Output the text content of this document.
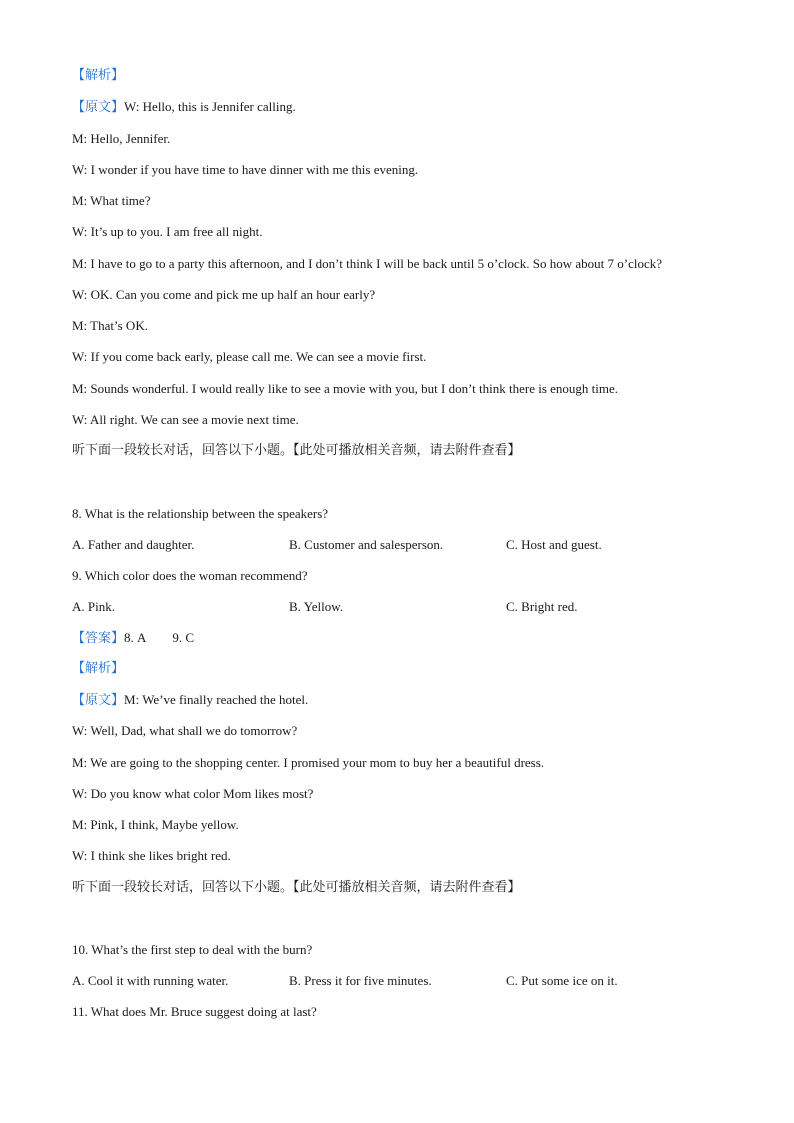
【解析】
【原文】W: Hello, this is Jennifer calling.
M: Hello, Jennifer.
W: I wonder if you have time to have dinner with me this evening.
M: What time?
W: It’s up to you. I am free all night.
M: I have to go to a party this afternoon, and I don’t think I will be back until 5 o’clock. So how about 7 o’clock?
W: OK. Can you come and pick me up half an hour early?
M: That’s OK.
W: If you come back early, please call me. We can see a movie first.
M: Sounds wonderful. I would really like to see a movie with you, but I don’t think there is enough time.
W: All right. We can see a movie next time.
听下面一段较长对话，回答以下小题。【此处可播放相关音频，请去附件查看】
8. What is the relationship between the speakers?
A. Father and daughter.	B. Customer and salesperson.	C. Host and guest.
9. Which color does the woman recommend?
A. Pink.	B. Yellow.	C. Bright red.
【答案】8. A 9. C
【解析】
【原文】M: We’ve finally reached the hotel.
W: Well, Dad, what shall we do tomorrow?
M: We are going to the shopping center. I promised your mom to buy her a beautiful dress.
W: Do you know what color Mom likes most?
M: Pink, I think, Maybe yellow.
W: I think she likes bright red.
听下面一段较长对话，回答以下小题。【此处可播放相关音频，请去附件查看】
10. What’s the first step to deal with the burn?
A. Cool it with running water.	B. Press it for five minutes.	C. Put some ice on it.
11. What does Mr. Bruce suggest doing at last?
